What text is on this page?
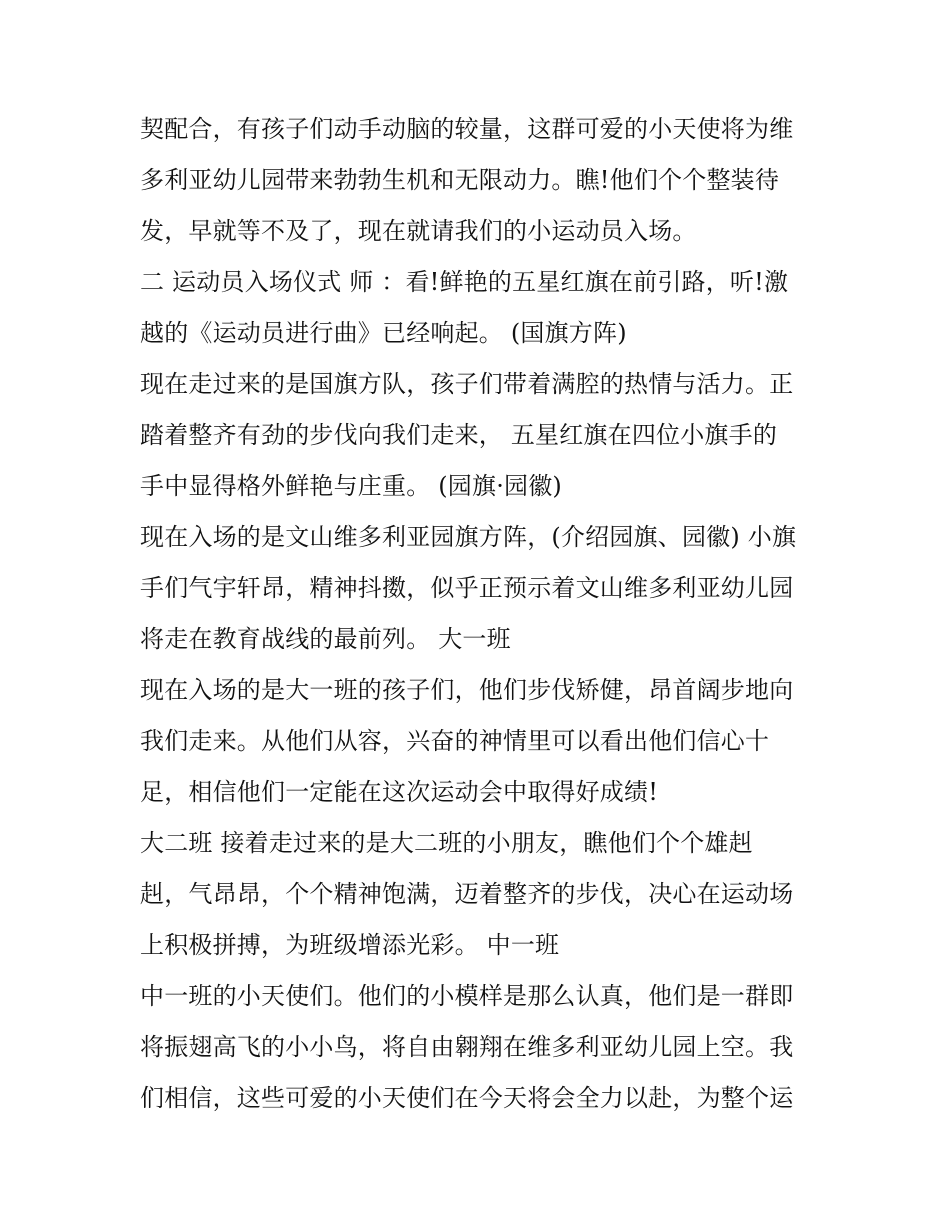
契配合，有孩子们动手动脑的较量，这群可爱的小天使将为维
多利亚幼儿园带来勃勃生机和无限动力。瞧!他们个个整装待
发，早就等不及了，现在就请我们的小运动员入场。
二 运动员入场仪式 师 ：看!鲜艳的五星红旗在前引路，听!激
越的《运动员进行曲》已经响起。 (国旗方阵)
现在走过来的是国旗方队，孩子们带着满腔的热情与活力。正
踏着整齐有劲的步伐向我们走来， 五星红旗在四位小旗手的
手中显得格外鲜艳与庄重。 (园旗·园徽)
现在入场的是文山维多利亚园旗方阵，(介绍园旗、园徽) 小旗
手们气宇轩昂，精神抖擞，似乎正预示着文山维多利亚幼儿园
将走在教育战线的最前列。 大一班
现在入场的是大一班的孩子们，他们步伐矫健，昂首阔步地向
我们走来。从他们从容，兴奋的神情里可以看出他们信心十
足，相信他们一定能在这次运动会中取得好成绩!
大二班 接着走过来的是大二班的小朋友，瞧他们个个雄赳
赳，气昂昂，个个精神饱满，迈着整齐的步伐，决心在运动场
上积极拼搏，为班级增添光彩。 中一班
中一班的小天使们。他们的小模样是那么认真，他们是一群即
将振翅高飞的小小鸟，将自由翱翔在维多利亚幼儿园上空。我
们相信，这些可爱的小天使们在今天将会全力以赴，为整个运
